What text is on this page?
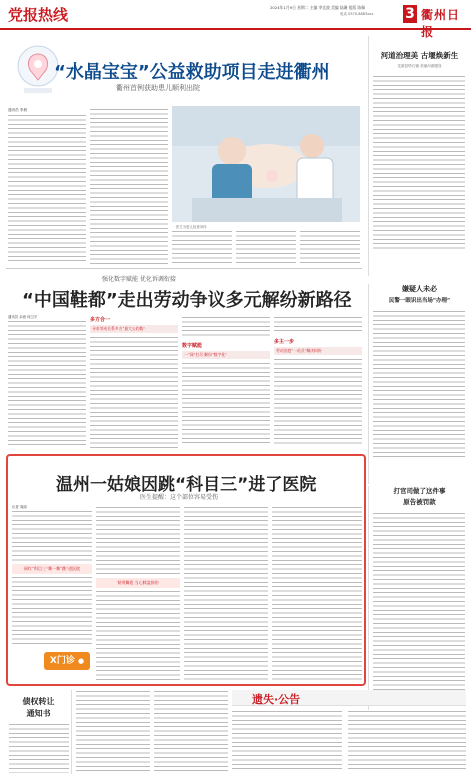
党报热线	2024年1月9日 星期二 主编 李宜波 美编 陆珊 组版 陈佩
电话 0570-8883xxx 3 衢州日报
“水晶宝宝”公益救助项目走进衢州
衢州首例获助患儿顺利出院
通讯员 李晨
医生为患儿检查身体
河道治理美 古堰焕新生
龙游县塔石镇 美丽河湖建设
强化数字赋能 优化诉调衔接
“中国鞋都”走出劳动争议多元解纷新路径
通讯员 余意 何卫平	多方合一
寻求劳动关系多方“最大公约数”
数字赋能
一“网”打尽 解纷“数字化”
多主一步
劳动法庭“一站式”解决纠纷
嫌疑人未必
民警一眼识出当场“办理”
打官司做了这件事
原告被罚款
温州一姑娘因跳“科目三”进了医院
医生提醒：这个部位容易受伤
记者 周丽
网红“科目三”舞一舞“跳”进医院
韧带撕裂 当心膝盖损伤
X门诊 ●
债权转让
通知书
遗失·公告
